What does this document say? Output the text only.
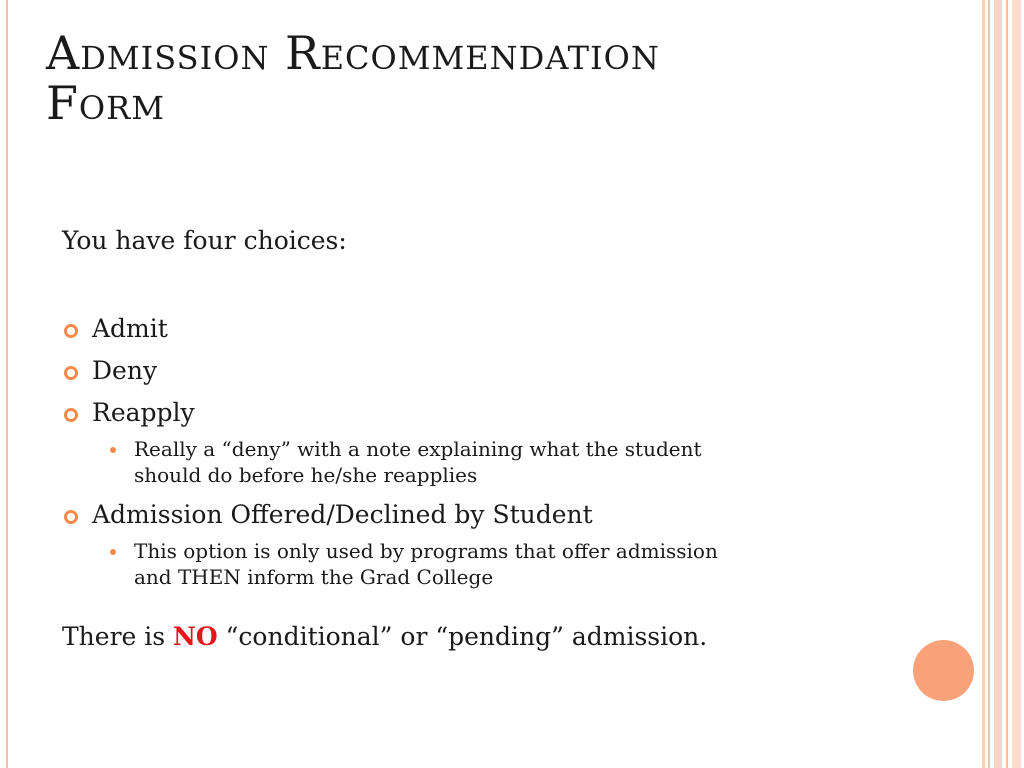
Admission Recommendation
Form
You have four choices:
Admit
Deny
Reapply
Really a “deny” with a note explaining what the student
should do before he/she reapplies
Admission Offered/Declined by Student
This option is only used by programs that offer admission
and THEN inform the Grad College
There is NO “conditional” or “pending” admission.
